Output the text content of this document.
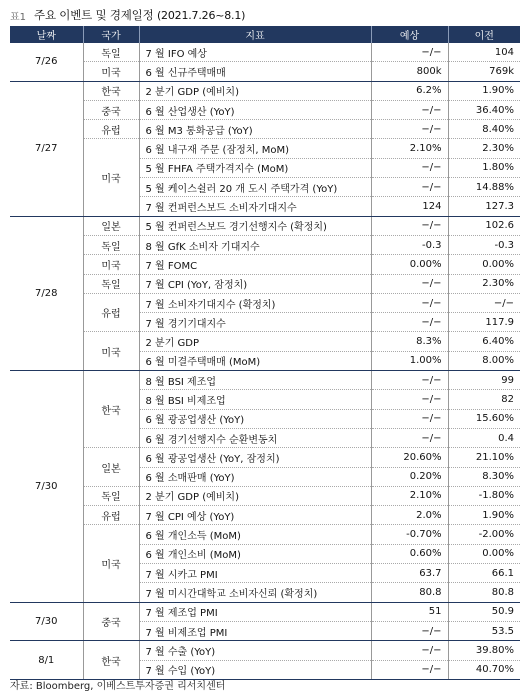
표1 주요 이벤트 및 경제일정 (2021.7.26~8.1)
날짜	국가	지표	예상	이전
7/26	독일	7 월 IFO 예상	−/−	104
	미국	6 월 신규주택매매	800k	769k
7/27	한국	2 분기 GDP (예비치)	6.2%	1.90%
	중국	6 월 산업생산 (YoY)	−/−	36.40%
	유럽	6 월 M3 통화공급 (YoY)	−/−	8.40%
	미국	6 월 내구재 주문 (잠정치, MoM)	2.10%	2.30%
		5 월 FHFA 주택가격지수 (MoM)	−/−	1.80%
		5 월 케이스쉴러 20 개 도시 주택가격 (YoY)	−/−	14.88%
		7 월 컨퍼런스보드 소비자기대지수	124	127.3
7/28	일본	5 월 컨퍼런스보드 경기선행지수 (확정치)	−/−	102.6
	독일	8 월 GfK 소비자 기대지수	-0.3	-0.3
	미국	7 월 FOMC	0.00%	0.00%
	독일	7 월 CPI (YoY, 잠정치)	−/−	2.30%
	유럽	7 월 소비자기대지수 (확정치)	−/−	−/−
		7 월 경기기대지수	−/−	117.9
	미국	2 분기 GDP	8.3%	6.40%
		6 월 미결주택매매 (MoM)	1.00%	8.00%
7/30	한국	8 월 BSI 제조업	−/−	99
		8 월 BSI 비제조업	−/−	82
		6 월 광공업생산 (YoY)	−/−	15.60%
		6 월 경기선행지수 순환변동치	−/−	0.4
	일본	6 월 광공업생산 (YoY, 잠정치)	20.60%	21.10%
		6 월 소매판매 (YoY)	0.20%	8.30%
	독일	2 분기 GDP (예비치)	2.10%	-1.80%
	유럽	7 월 CPI 예상 (YoY)	2.0%	1.90%
	미국	6 월 개인소득 (MoM)	-0.70%	-2.00%
		6 월 개인소비 (MoM)	0.60%	0.00%
		7 월 시카고 PMI	63.7	66.1
		7 월 미시간대학교 소비자신뢰 (확정치)	80.8	80.8
7/30	중국	7 월 제조업 PMI	51	50.9
		7 월 비제조업 PMI	−/−	53.5
8/1	한국	7 월 수출 (YoY)	−/−	39.80%
		7 월 수입 (YoY)	−/−	40.70%
자료: Bloomberg, 이베스트투자증권 리서치센터
